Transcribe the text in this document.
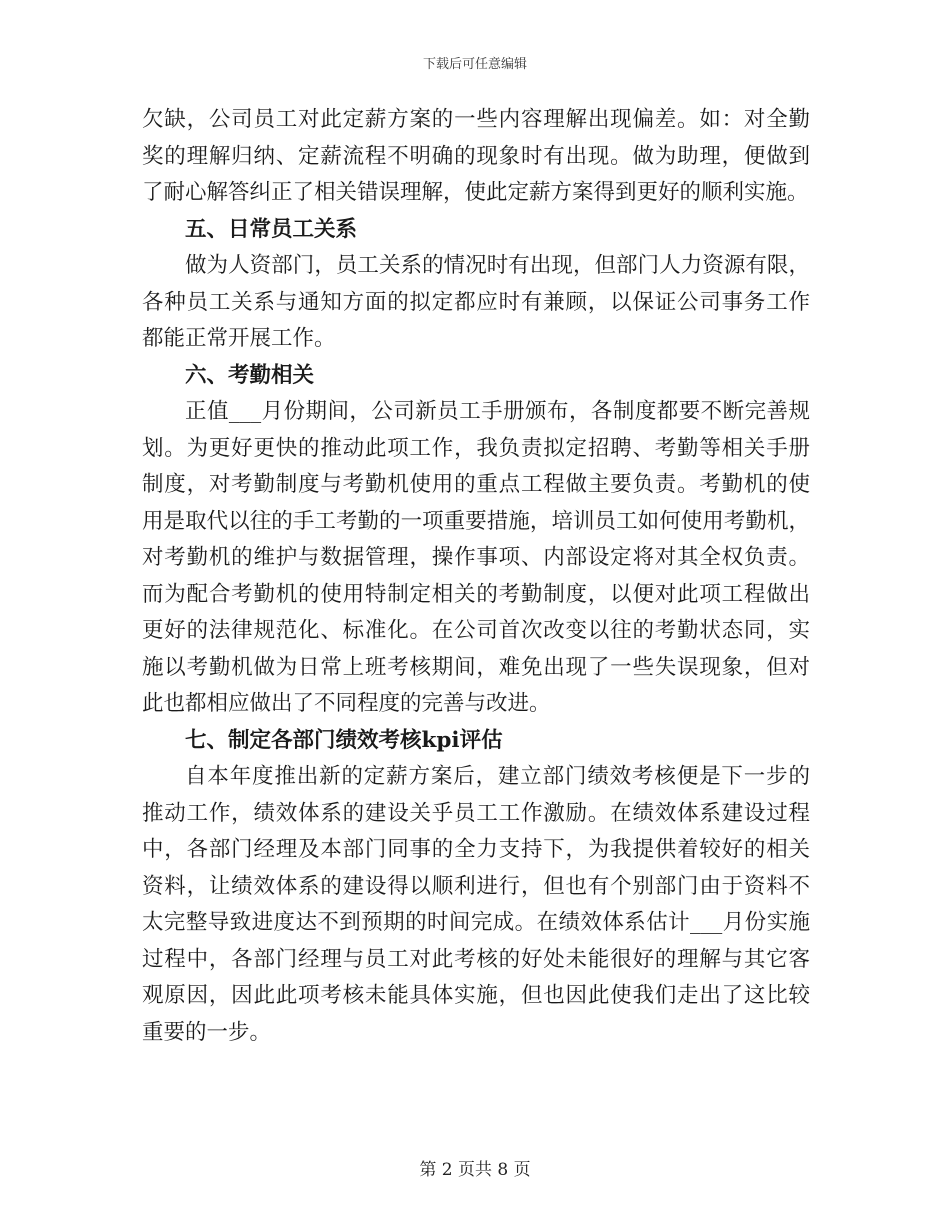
下载后可任意编辑
欠缺，公司员工对此定薪方案的一些内容理解出现偏差。如：对全勤
奖的理解归纳、定薪流程不明确的现象时有出现。做为助理，便做到
了耐心解答纠正了相关错误理解，使此定薪方案得到更好的顺利实施。
五、日常员工关系
做为人资部门，员工关系的情况时有出现，但部门人力资源有限，
各种员工关系与通知方面的拟定都应时有兼顾，以保证公司事务工作
都能正常开展工作。
六、考勤相关
正值___月份期间，公司新员工手册颁布，各制度都要不断完善规
划。为更好更快的推动此项工作，我负责拟定招聘、考勤等相关手册
制度，对考勤制度与考勤机使用的重点工程做主要负责。考勤机的使
用是取代以往的手工考勤的一项重要措施，培训员工如何使用考勤机，
对考勤机的维护与数据管理，操作事项、内部设定将对其全权负责。
而为配合考勤机的使用特制定相关的考勤制度，以便对此项工程做出
更好的法律规范化、标准化。在公司首次改变以往的考勤状态同，实
施以考勤机做为日常上班考核期间，难免出现了一些失误现象，但对
此也都相应做出了不同程度的完善与改进。
七、制定各部门绩效考核kpi评估
自本年度推出新的定薪方案后，建立部门绩效考核便是下一步的
推动工作，绩效体系的建设关乎员工工作激励。在绩效体系建设过程
中，各部门经理及本部门同事的全力支持下，为我提供着较好的相关
资料，让绩效体系的建设得以顺利进行，但也有个别部门由于资料不
太完整导致进度达不到预期的时间完成。在绩效体系估计___月份实施
过程中，各部门经理与员工对此考核的好处未能很好的理解与其它客
观原因，因此此项考核未能具体实施，但也因此使我们走出了这比较
重要的一步。
第 2 页共 8 页
